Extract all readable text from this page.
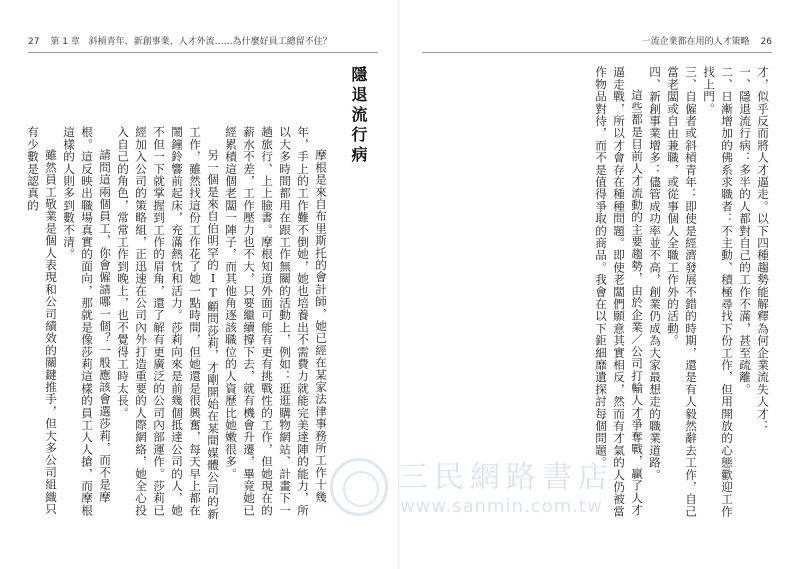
27 第 1 章 斜槓青年、新創事業、人才外流……為什麼好員工總留不住？
隱退流行病

摩根是來自布里斯托的會計師，她已經在某家法律事務所工作十幾年，手上的工作難不倒她，她也培養出不需費力就能完美達陣的能力，所以大多時間都用在跟工作無關的活動上，例如：逛逛購物網站、計畫下一趟旅行、上上臉書。摩根知道外面可能有更有挑戰性的工作，但她現在的薪水不差，工作壓力也不大，只要繼續撐下去，就有機會升遷，畢竟她已經累積這個老闆一陣子，而其他角逐該職位的人資歷比她嫩很多。

另一個是來自伯明罕的IT顧問莎莉，才剛開始在某間媒體公司的新工作，雖然找這份工作花了她一點時間，但她還是很興奮，每天早上都在鬧鐘鈴響前起床，充滿熱忱和活力。莎莉向來是前幾個抵達公司的人，她不但一下就掌握到工作的眉角，還了解有更廣泛的公司內部運作。莎莉已經加入公司的策略組，正迅速在公司內外打造重要的人際網絡，她全心投入自己的角色，常常工作到晚上，也不覺得工時太長。

請問這兩個員工，你會僱請哪一個？一般應該會選莎莉，而不是摩根。這反映出職場真實的面向，那就是像莎莉這樣的員工人人搶，而摩根這樣的人則多到數不清。

雖然員工敬業是個人表現和公司績效的關鍵推手，但大多公司組織只有少數是認真的

一流企業都在用的人才策略 26

才，似乎反而將人才逼走。以下四種趨勢能解釋為何企業流失人才：

一、隱退流行病：多半的人都對自己的工作不滿，甚至疏離。

二、日漸增加的佛系求職者：不主動、積極尋找下份工作，但用開放的心態歡迎工作找上門。

三、自僱者或斜槓青年：即使是經濟發展不錯的時期，還是有人毅然辭去工作，自己當老闆或自由兼職，或從事個人全職工作外的活動。

四、新創事業增多：儘管成功率並不高，創業仍成為大家最想走的職業道路。

這些都是目前人才流動的主要趨勢，由於企業／公司打輸人才爭奪戰，贏了人才逼走戰，所以才會存在種種問題。即使老闆們願意其實相反，然而有才氣的人仍被當作物品對待，而不是值得爭取的商品。我會在以下鉅細靡遺探討每個問題。

三民網路書店
www.sanmin.com.tw
